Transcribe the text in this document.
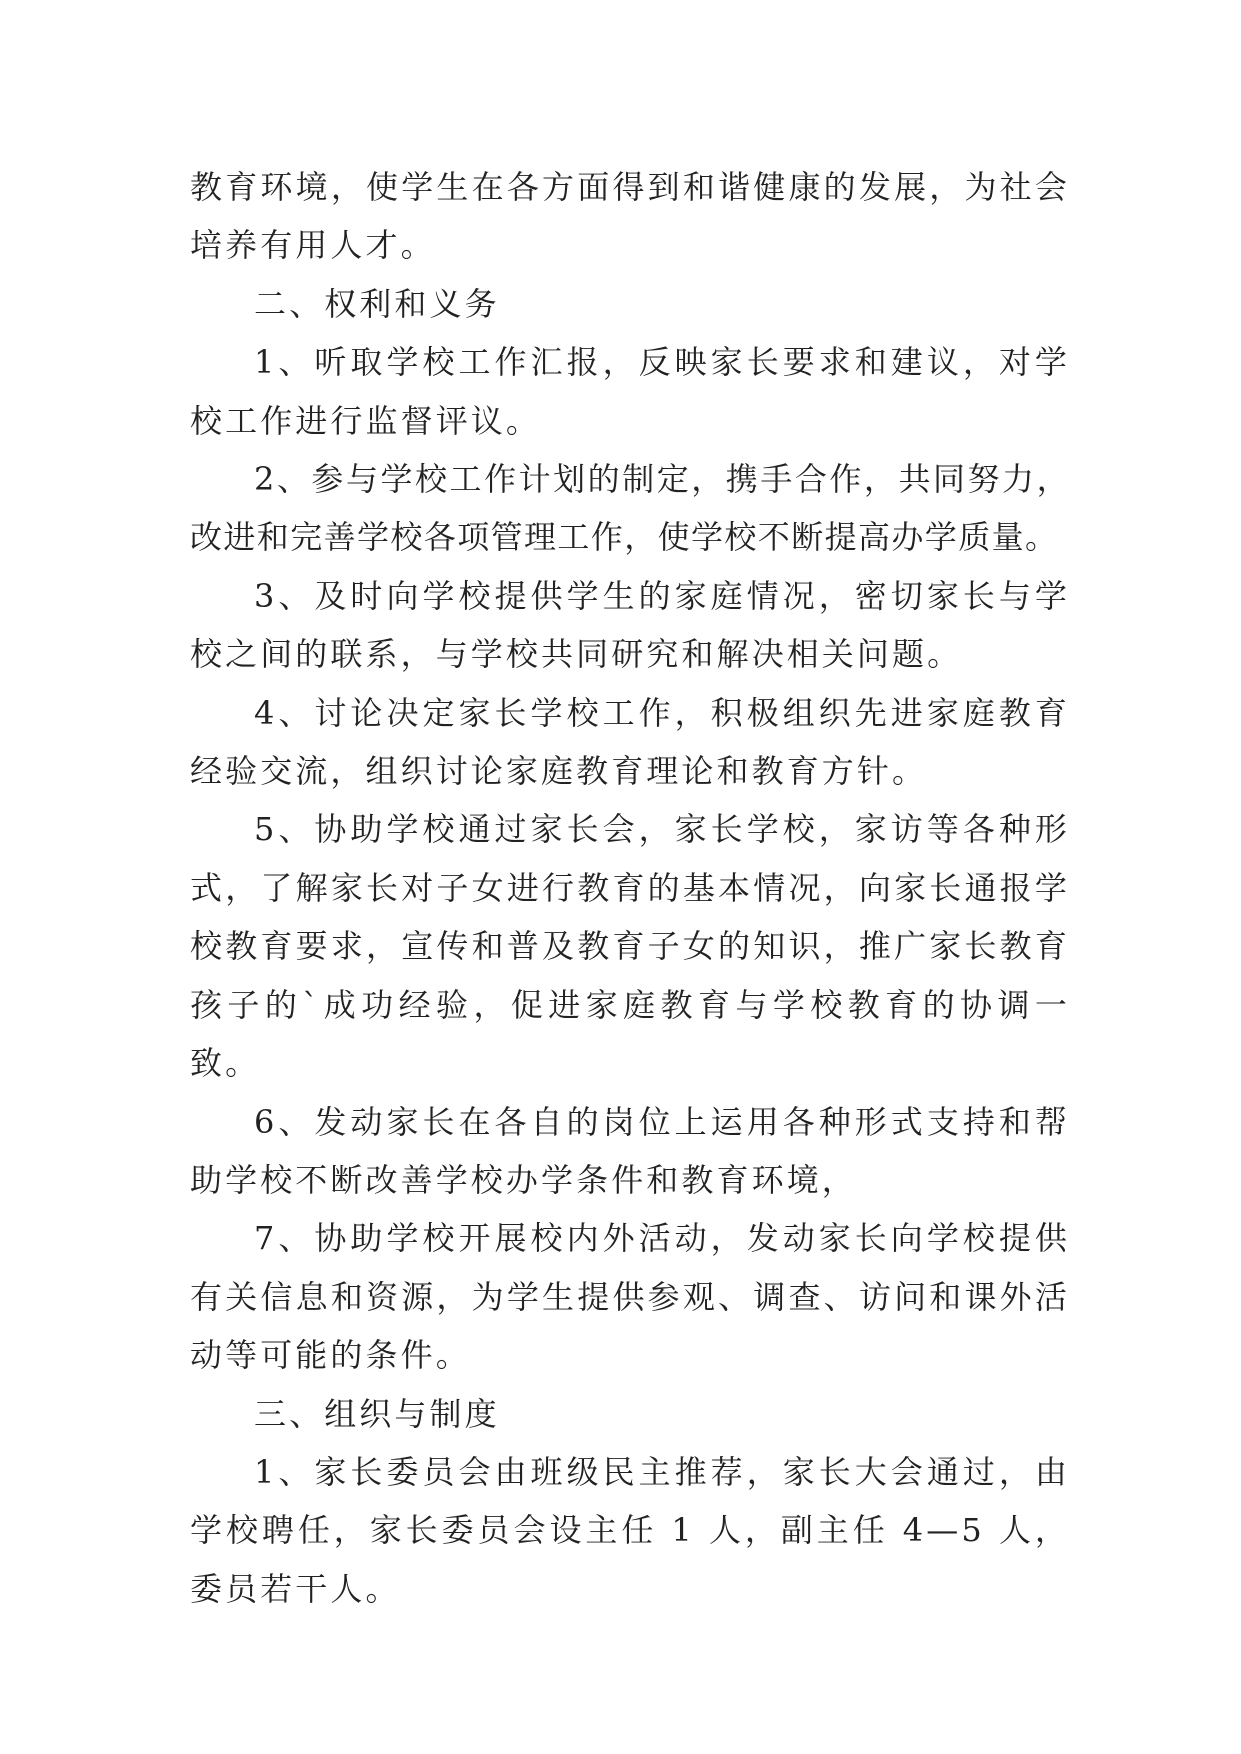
教育环境，使学生在各方面得到和谐健康的发展，为社会培养有用人才。

二、权利和义务

1、听取学校工作汇报，反映家长要求和建议，对学校工作进行监督评议。

2、参与学校工作计划的制定，携手合作，共同努力，改进和完善学校各项管理工作，使学校不断提高办学质量。

3、及时向学校提供学生的家庭情况，密切家长与学校之间的联系，与学校共同研究和解决相关问题。

4、讨论决定家长学校工作，积极组织先进家庭教育经验交流，组织讨论家庭教育理论和教育方针。

5、协助学校通过家长会，家长学校，家访等各种形式，了解家长对子女进行教育的基本情况，向家长通报学校教育要求，宣传和普及教育子女的知识，推广家长教育孩子的`成功经验，促进家庭教育与学校教育的协调一致。

6、发动家长在各自的岗位上运用各种形式支持和帮助学校不断改善学校办学条件和教育环境，

7、协助学校开展校内外活动，发动家长向学校提供有关信息和资源，为学生提供参观、调查、访问和课外活动等可能的条件。

三、组织与制度

1、家长委员会由班级民主推荐，家长大会通过，由学校聘任，家长委员会设主任 1 人，副主任 4—5 人，委员若干人。
